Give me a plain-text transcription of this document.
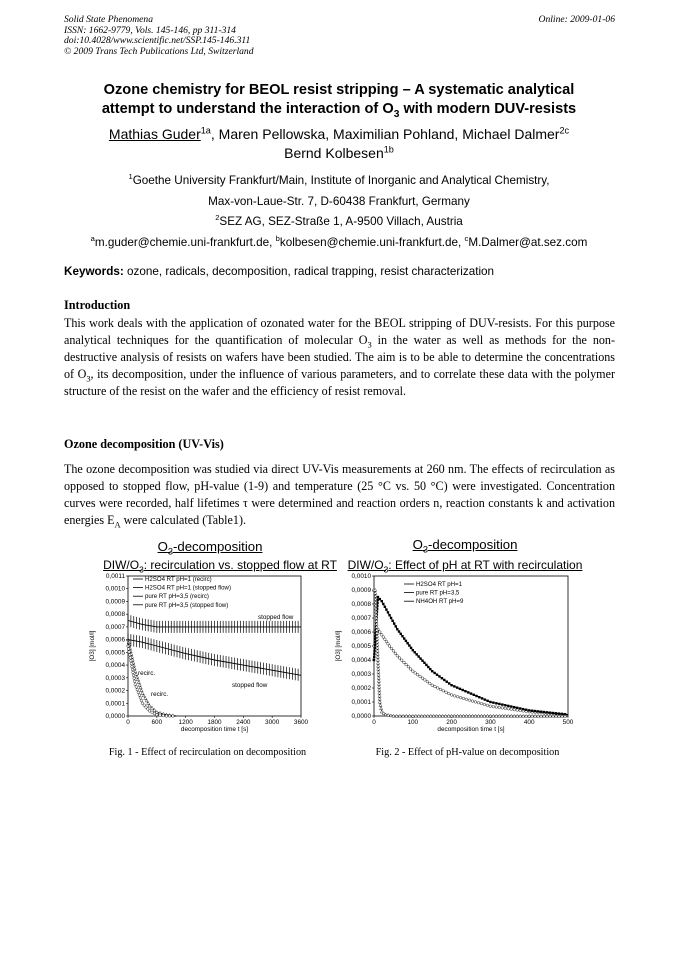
Solid State Phenomena
ISSN: 1662-9779, Vols. 145-146, pp 311-314
doi:10.4028/www.scientific.net/SSP.145-146.311
© 2009 Trans Tech Publications Ltd, Switzerland
Online: 2009-01-06
Ozone chemistry for BEOL resist stripping – A systematic analytical
attempt to understand the interaction of $O_3$ with modern DUV-resists
Mathias Guder$^{1a}$, Maren Pellowska, Maximilian Pohland, Michael Dalmer$^{2c}$
Bernd Kolbesen$^{1b}$
$^1$Goethe University Frankfurt/Main, Institute of Inorganic and Analytical Chemistry,
Max-von-Laue-Str. 7, D-60438 Frankfurt, Germany
$^2$SEZ AG, SEZ-Straße 1, A-9500 Villach, Austria
$^a$m.guder@chemie.uni-frankfurt.de, $^b$kolbesen@chemie.uni-frankfurt.de, $^c$M.Dalmer@at.sez.com
Keywords: ozone, radicals, decomposition, radical trapping, resist characterization
Introduction
This work deals with the application of ozonated water for the BEOL stripping of DUV-resists. For this purpose analytical techniques for the quantification of molecular $O_3$ in the water as well as methods for the non-destructive analysis of resists on wafers have been studied. The aim is to be able to determine the concentrations of $O_3$, its decomposition, under the influence of various parameters, and to correlate these data with the polymer structure of the resist on the wafer and the efficiency of resist removal.
Ozone decomposition (UV-Vis)
The ozone decomposition was studied via direct UV-Vis measurements at 260 nm. The effects of recirculation as opposed to stopped flow, pH-value (1-9) and temperature (25 °C vs. 50 °C) were investigated. Concentration curves were recorded, half lifetimes τ were determined and reaction orders n, reaction constants k and activation energies $E_A$ were calculated (Table1).
$O_3$-decomposition
DIW/$O_3$: recirculation vs. stopped flow at RT
$O_3$-decomposition
DIW/$O_3$: Effect of pH at RT with recirculation
0,0000
0,0001
0,0002
0,0003
0,0004
0,0005
0,0006
0,0007
0,0008
0,0009
0,0010
0,0011
0	600	1200 1800 2400 3000 3600
decomposition time t [s]
[O3] [mol/l]
H2SO4 RT pH=1 (recirc)
H2SO4 RT pH=1 (stopped flow)
pure RT pH=3,5 (recirc)
pure RT pH=3,5 (stopped flow)
stopped flow
recirc.
stopped flow
recirc.
0,0000
0,0001
0,0002
0,0003
0,0004
0,0005
0,0006
0,0007
0,0008
0,0009
0,0010
0	100	200	300	400	500
decomposition time t [s]
[O3] [mol/l]
H2SO4 RT pH=1
pure RT pH=3,5
NH4OH RT pH=9
Fig. 1 - Effect of recirculation on decomposition	Fig. 2 - Effect of pH-value on decomposition
